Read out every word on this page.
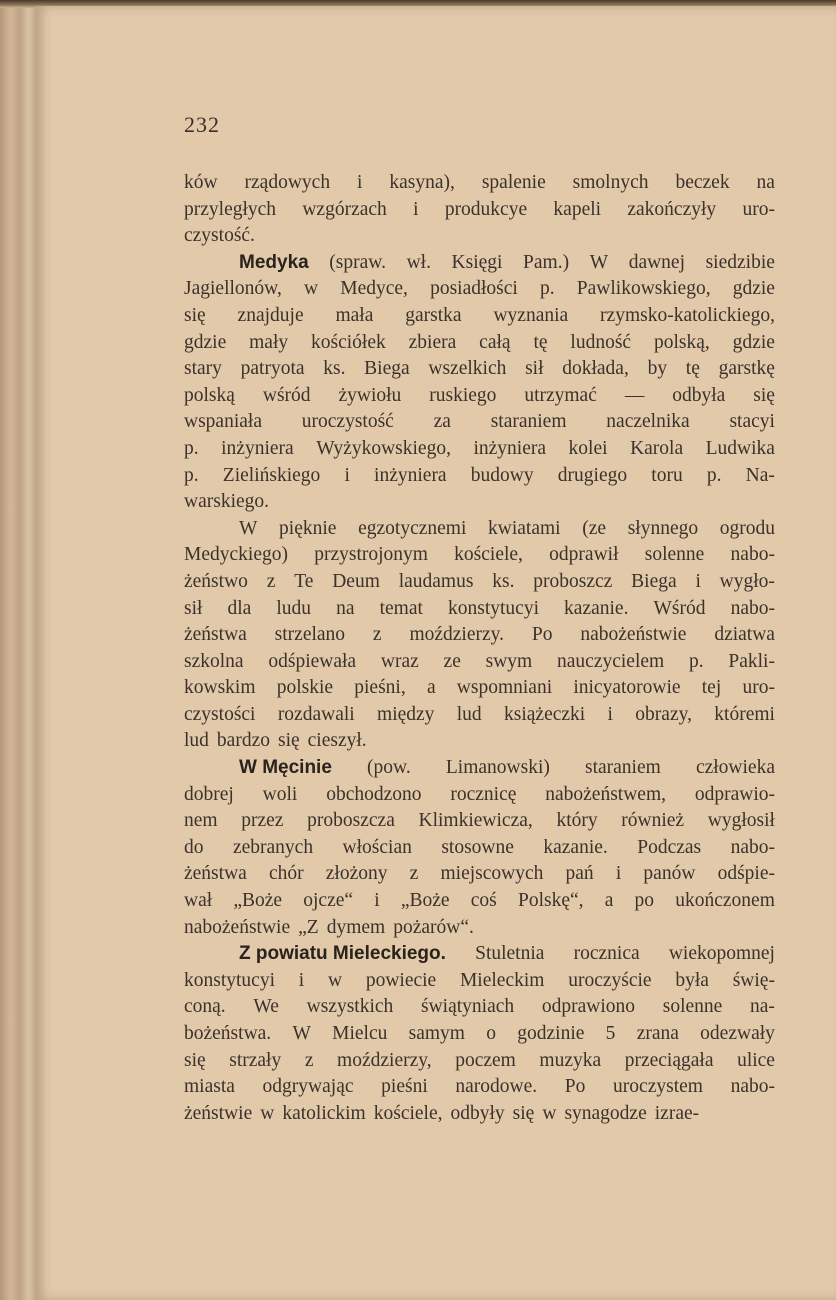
232
ków rządowych i kasyna), spalenie smolnych beczek na
przyległych wzgórzach i produkcye kapeli zakończyły uro-
czystość.
Medyka (spraw. wł. Księgi Pam.) W dawnej siedzibie
Jagiellonów, w Medyce, posiadłości p. Pawlikowskiego, gdzie
się znajduje mała garstka wyznania rzymsko-katolickiego,
gdzie mały kościółek zbiera całą tę ludność polską, gdzie
stary patryota ks. Biega wszelkich sił dokłada, by tę garstkę
polską wśród żywiołu ruskiego utrzymać — odbyła się
wspaniała uroczystość za staraniem naczelnika stacyi
p. inżyniera Wyżykowskiego, inżyniera kolei Karola Ludwika
p. Zielińskiego i inżyniera budowy drugiego toru p. Na-
warskiego.
W pięknie egzotycznemi kwiatami (ze słynnego ogrodu
Medyckiego) przystrojonym kościele, odprawił solenne nabo-
żeństwo z Te Deum laudamus ks. proboszcz Biega i wygło-
sił dla ludu na temat konstytucyi kazanie. Wśród nabo-
żeństwa strzelano z moździerzy. Po nabożeństwie dziatwa
szkolna odśpiewała wraz ze swym nauczycielem p. Pakli-
kowskim polskie pieśni, a wspomniani inicyatorowie tej uro-
czystości rozdawali między lud książeczki i obrazy, któremi
lud bardzo się cieszył.
W Męcinie (pow. Limanowski) staraniem człowieka
dobrej woli obchodzono rocznicę nabożeństwem, odprawio-
nem przez proboszcza Klimkiewicza, który również wygłosił
do zebranych włościan stosowne kazanie. Podczas nabo-
żeństwa chór złożony z miejscowych pań i panów odśpie-
wał „Boże ojcze“ i „Boże coś Polskę“, a po ukończonem
nabożeństwie „Z dymem pożarów“.
Z powiatu Mieleckiego. Stuletnia rocznica wiekopomnej
konstytucyi i w powiecie Mieleckim uroczyście była świę-
coną. We wszystkich świątyniach odprawiono solenne na-
bożeństwa. W Mielcu samym o godzinie 5 zrana odezwały
się strzały z moździerzy, poczem muzyka przeciągała ulice
miasta odgrywając pieśni narodowe. Po uroczystem nabo-
żeństwie w katolickim kościele, odbyły się w synagodze izrae-
